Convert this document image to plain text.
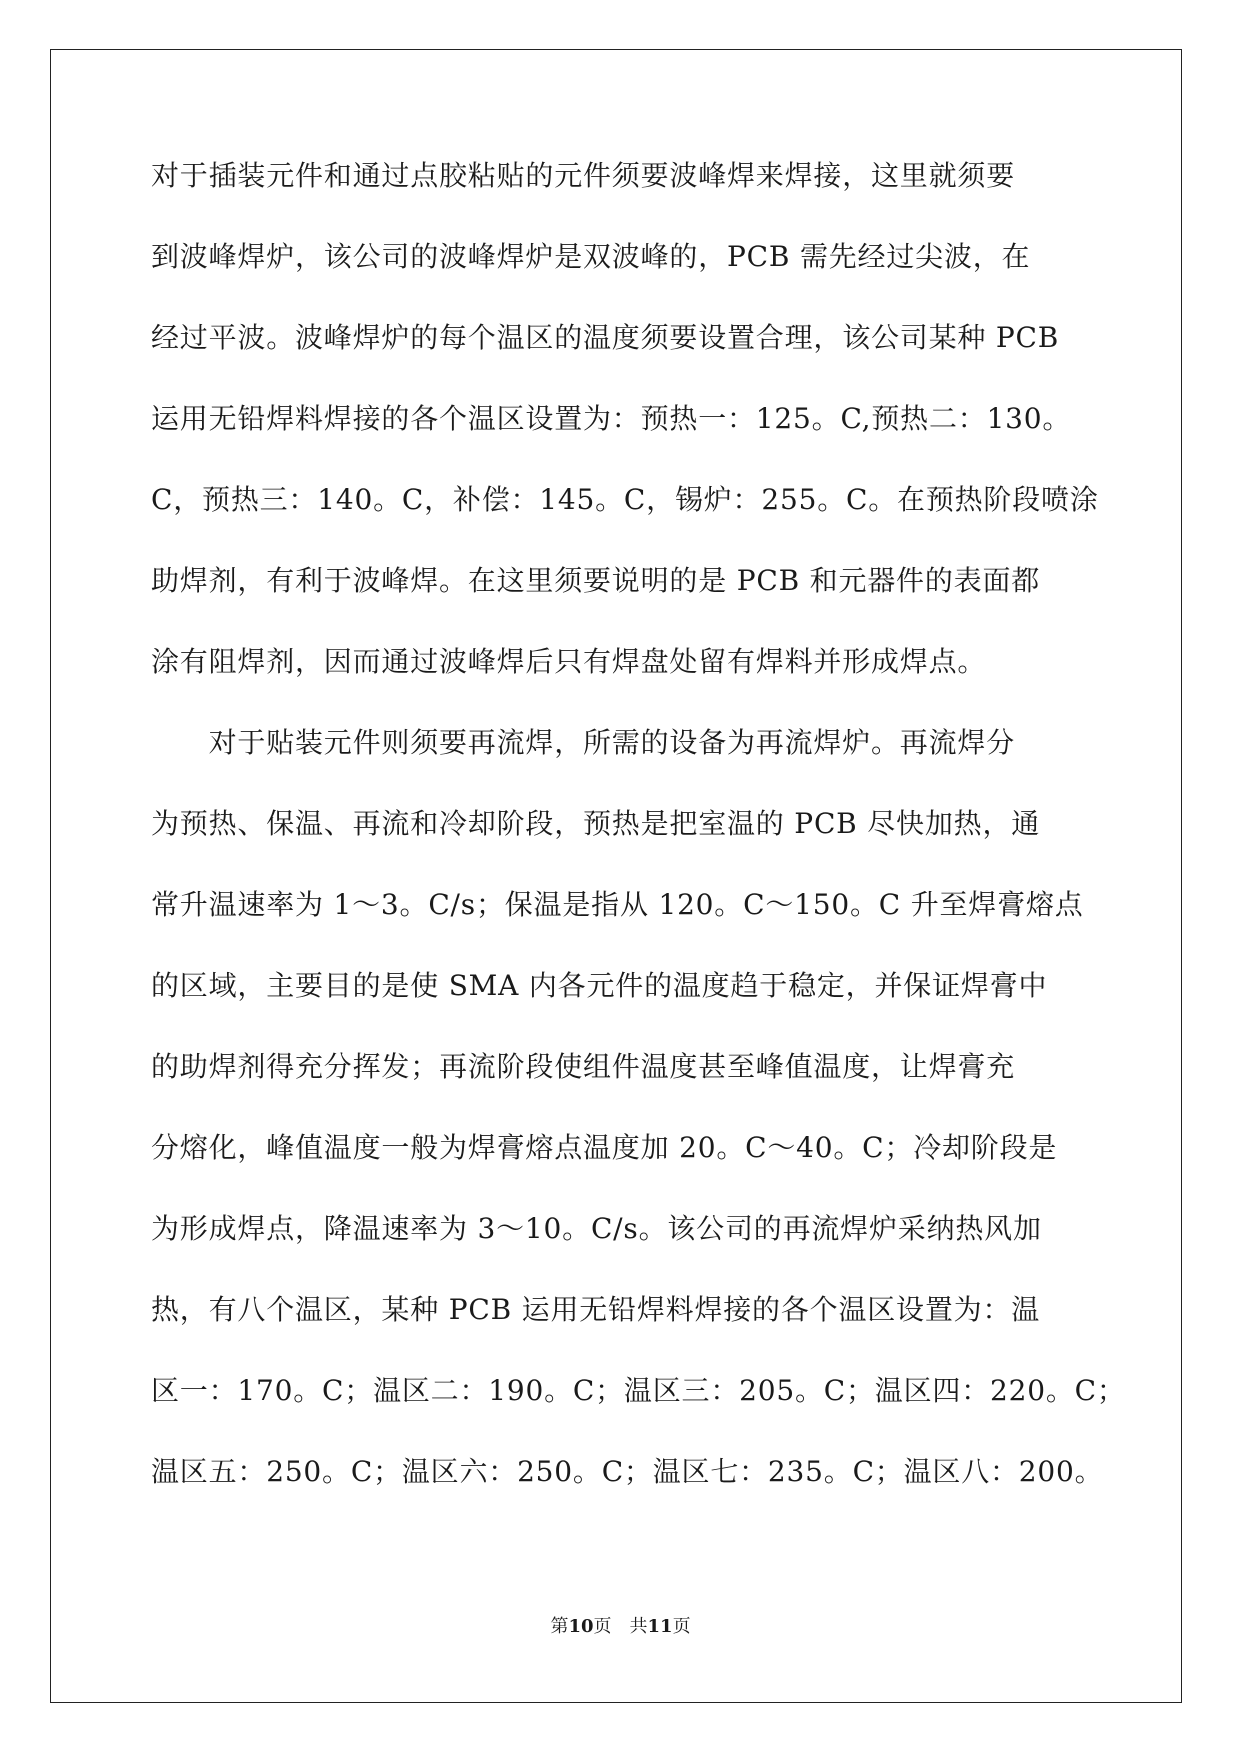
对于插装元件和通过点胶粘贴的元件须要波峰焊来焊接，这里就须要
到波峰焊炉，该公司的波峰焊炉是双波峰的，PCB 需先经过尖波，在
经过平波。波峰焊炉的每个温区的温度须要设置合理，该公司某种 PCB
运用无铅焊料焊接的各个温区设置为：预热一：125。C,预热二：130。
C，预热三：140。C，补偿：145。C，锡炉：255。C。在预热阶段喷涂
助焊剂，有利于波峰焊。在这里须要说明的是 PCB 和元器件的表面都
涂有阻焊剂，因而通过波峰焊后只有焊盘处留有焊料并形成焊点。
　　对于贴装元件则须要再流焊，所需的设备为再流焊炉。再流焊分
为预热、保温、再流和冷却阶段，预热是把室温的 PCB 尽快加热，通
常升温速率为 1～3。C/s；保温是指从 120。C～150。C 升至焊膏熔点
的区域，主要目的是使 SMA 内各元件的温度趋于稳定，并保证焊膏中
的助焊剂得充分挥发；再流阶段使组件温度甚至峰值温度，让焊膏充
分熔化，峰值温度一般为焊膏熔点温度加 20。C～40。C；冷却阶段是
为形成焊点，降温速率为 3～10。C/s。该公司的再流焊炉采纳热风加
热，有八个温区，某种 PCB 运用无铅焊料焊接的各个温区设置为：温
区一：170。C；温区二：190。C；温区三：205。C；温区四：220。C；
温区五：250。C；温区六：250。C；温区七：235。C；温区八：200。
第10页　共11页
